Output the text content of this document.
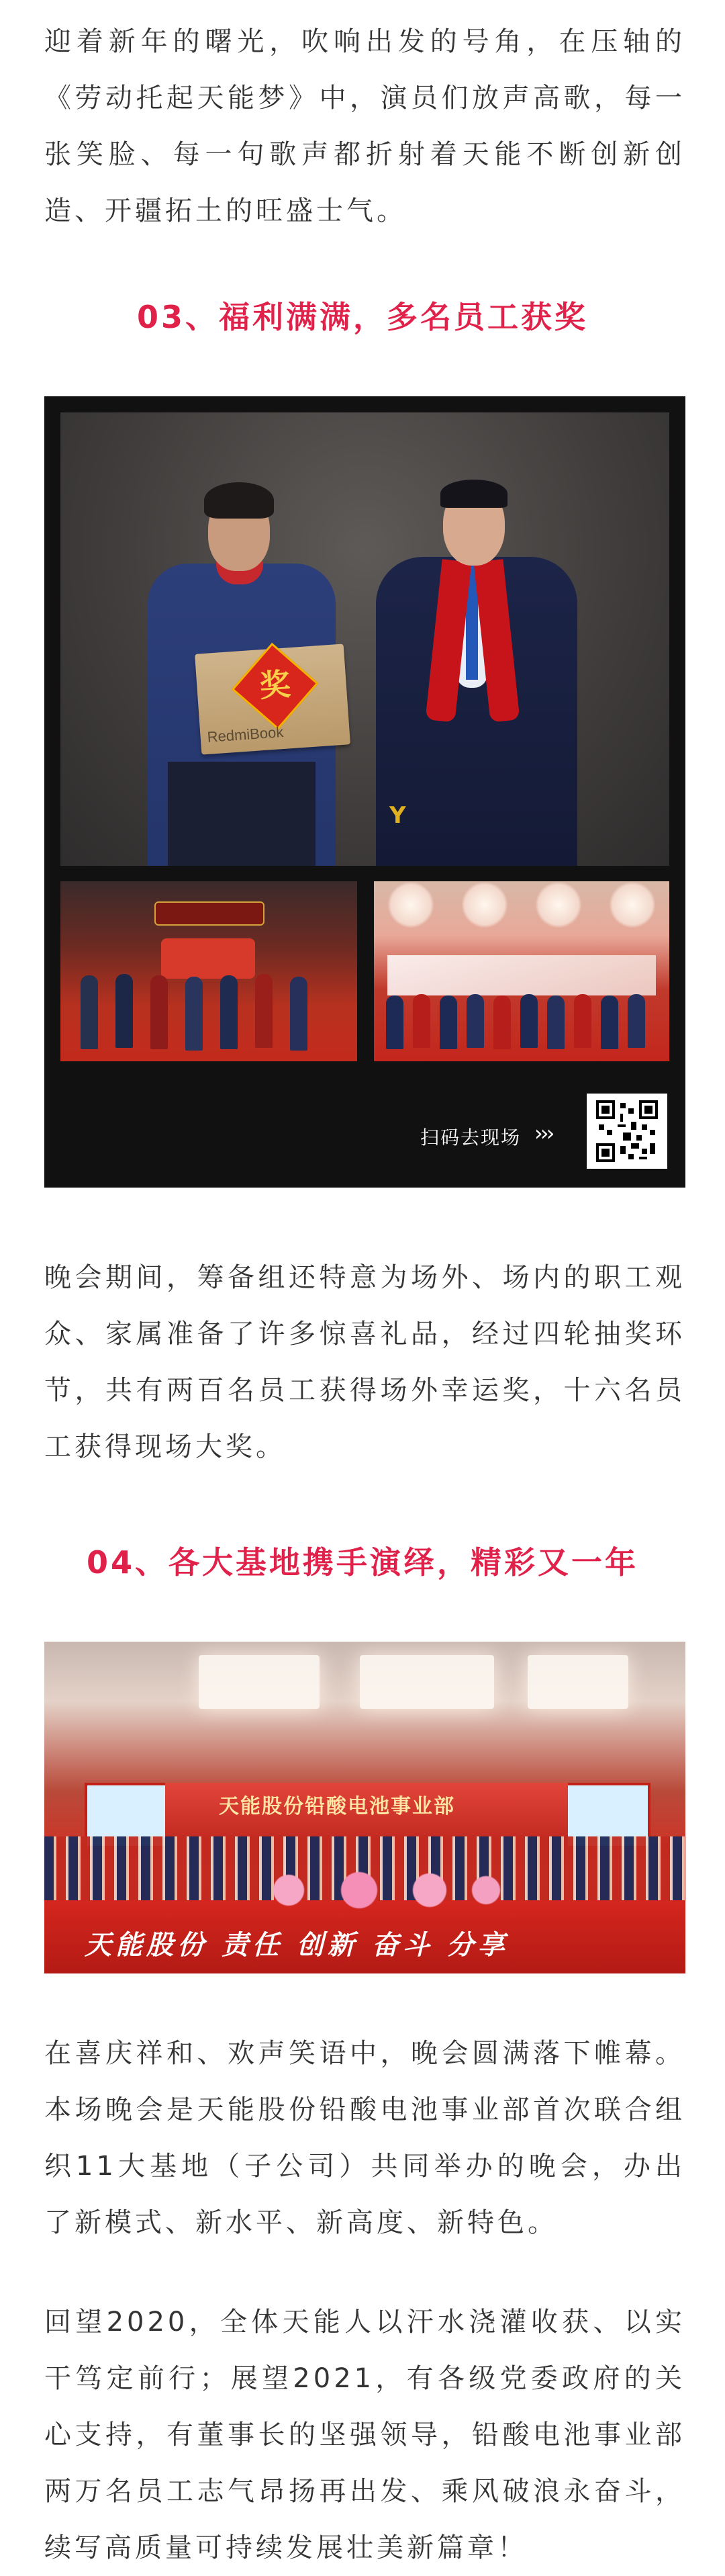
迎着新年的曙光，吹响出发的号角，在压轴的《劳动托起天能梦》中，演员们放声高歌，每一张笑脸、每一句歌声都折射着天能不断创新创造、开疆拓土的旺盛士气。

03、福利满满，多名员工获奖
奖
RedmiBook
Y
扫码去现场 ›››

晚会期间，筹备组还特意为场外、场内的职工观众、家属准备了许多惊喜礼品，经过四轮抽奖环节，共有两百名员工获得场外幸运奖，十六名员工获得现场大奖。

04、各大基地携手演绎，精彩又一年
天能股份铅酸电池事业部
天能股份 责任 创新 奋斗 分享

在喜庆祥和、欢声笑语中，晚会圆满落下帷幕。本场晚会是天能股份铅酸电池事业部首次联合组织11大基地（子公司）共同举办的晚会，办出了新模式、新水平、新高度、新特色。

回望2020，全体天能人以汗水浇灌收获、以实干笃定前行；展望2021，有各级党委政府的关心支持，有董事长的坚强领导，铅酸电池事业部两万名员工志气昂扬再出发、乘风破浪永奋斗，续写高质量可持续发展壮美新篇章！
